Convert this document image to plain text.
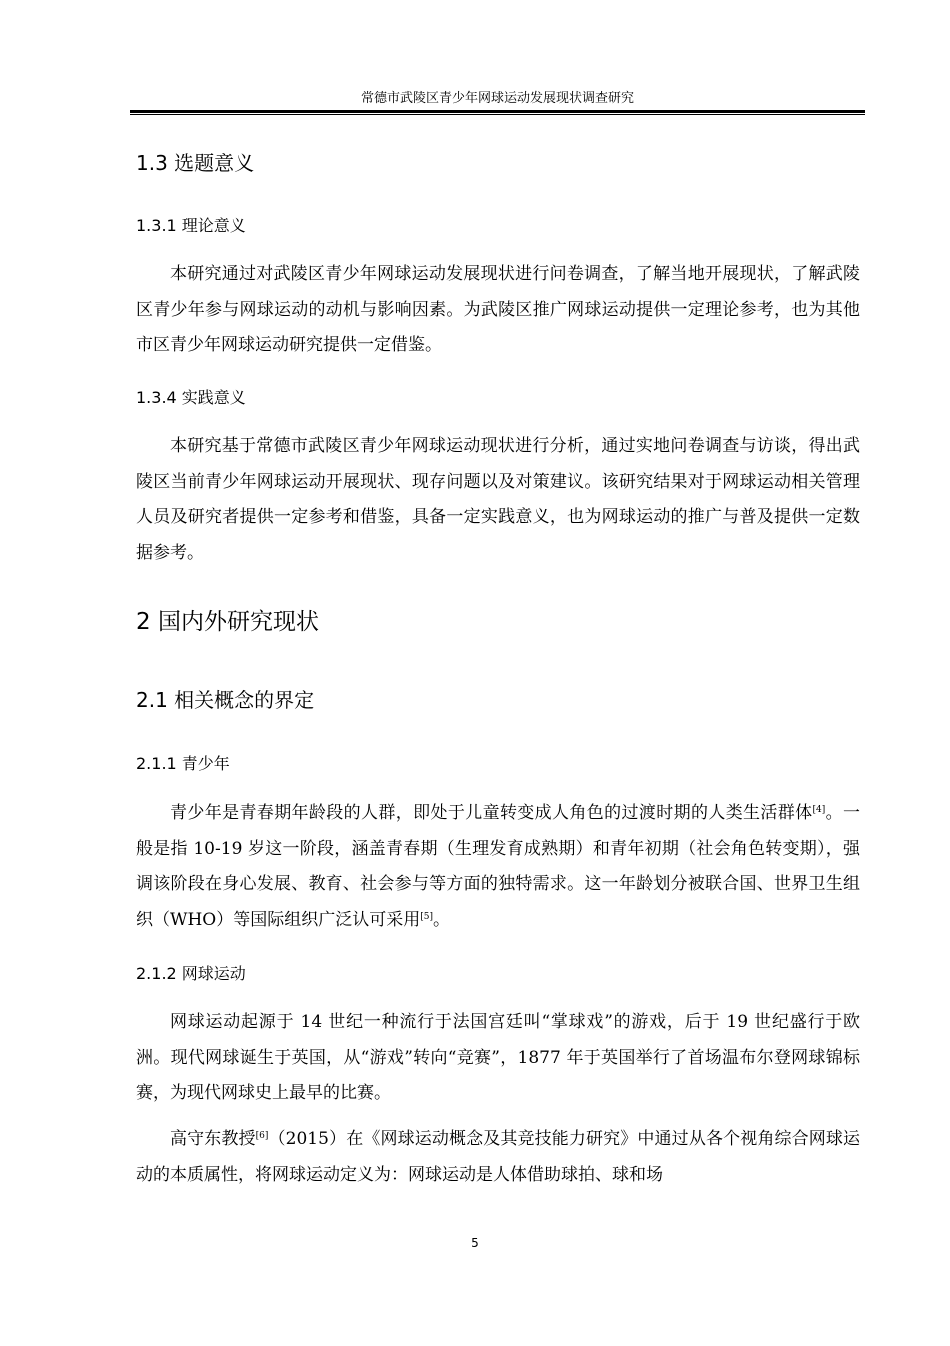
常德市武陵区青少年网球运动发展现状调查研究
1.3 选题意义
1.3.1 理论意义

本研究通过对武陵区青少年网球运动发展现状进行问卷调查，了解当地开展现状，了解武陵区青少年参与网球运动的动机与影响因素。为武陵区推广网球运动提供一定理论参考，也为其他市区青少年网球运动研究提供一定借鉴。

1.3.4 实践意义

本研究基于常德市武陵区青少年网球运动现状进行分析，通过实地问卷调查与访谈，得出武陵区当前青少年网球运动开展现状、现存问题以及对策建议。该研究结果对于网球运动相关管理人员及研究者提供一定参考和借鉴，具备一定实践意义，也为网球运动的推广与普及提供一定数据参考。

2 国内外研究现状
2.1 相关概念的界定
2.1.1 青少年

青少年是青春期年龄段的人群，即处于儿童转变成人角色的过渡时期的人类生活群体[4]。一般是指 10-19 岁这一阶段，涵盖青春期（生理发育成熟期）和青年初期（社会角色转变期），强调该阶段在身心发展、教育、社会参与等方面的独特需求。这一年龄划分被联合国、世界卫生组织（WHO）等国际组织广泛认可采用[5]。

2.1.2 网球运动

网球运动起源于 14 世纪一种流行于法国宫廷叫“掌球戏”的游戏，后于 19 世纪盛行于欧洲。现代网球诞生于英国，从“游戏”转向“竞赛”，1877 年于英国举行了首场温布尔登网球锦标赛，为现代网球史上最早的比赛。

高守东教授[6]（2015）在《网球运动概念及其竞技能力研究》中通过从各个视角综合网球运动的本质属性，将网球运动定义为：网球运动是人体借助球拍、球和场

5
